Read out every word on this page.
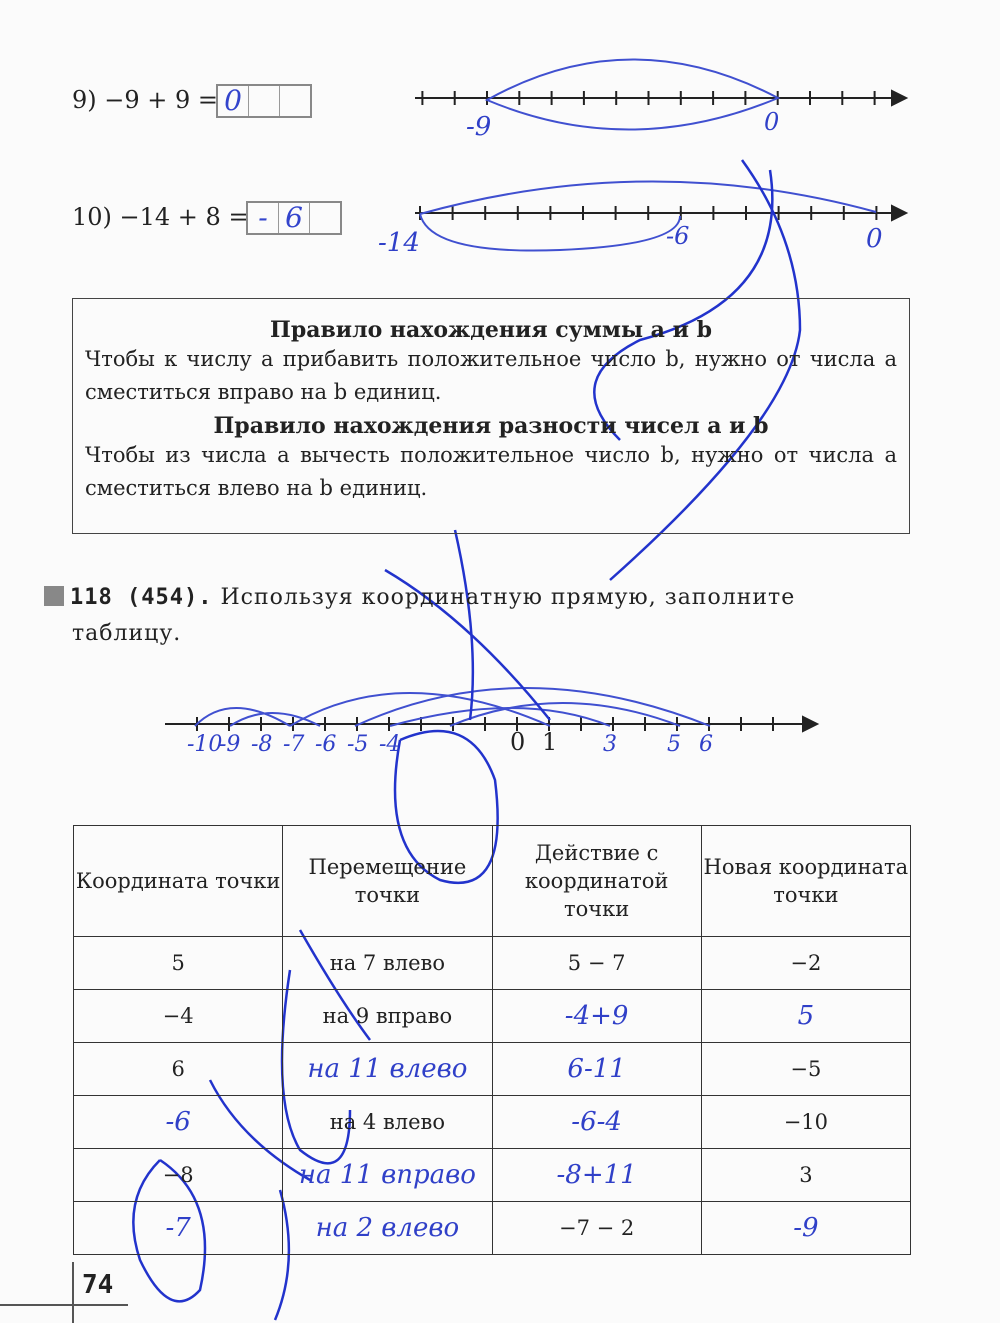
9) −9 + 9 = 0
10) −14 + 8 = - 6
-9	0
-14	-6	0
Правило нахождения суммы a и b
Чтобы к числу a прибавить положительное число b, нужно от числа a сместиться вправо на b единиц.
Правило нахождения разности чисел a и b
Чтобы из числа a вычесть положительное число b, нужно от числа a сместиться влево на b единиц.
118 (454). Используя координатную прямую, заполните таблицу.
0 1
-10
-9 -8 -7 -6 -5 -4	3 5 6
Координата точки	Перемещение точки	Действие с координатой точки	Новая координата точки
5	на 7 влево	5 − 7	−2
−4	на 9 вправо	-4+9	5
6	на 11 влево	6-11	−5
-6	на 4 влево	-6-4	−10
−8	на 11 вправо	-8+11	3
-7	на 2 влево	−7 − 2	-9
74
